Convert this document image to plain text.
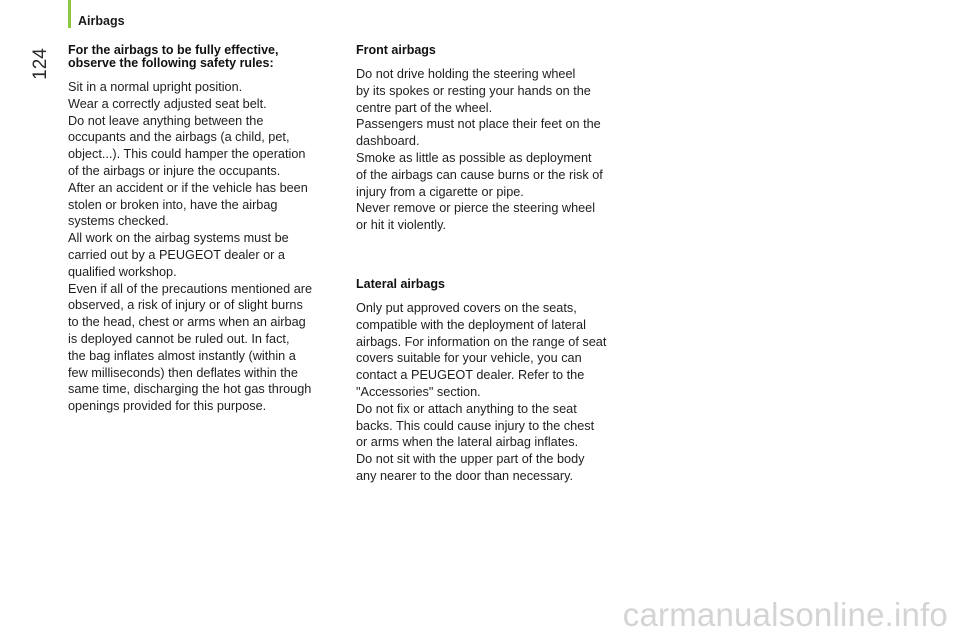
Airbags
124 For the airbags to be fully effective,
observe the following safety rules:
Sit in a normal upright position.
Wear a correctly adjusted seat belt.
Do not leave anything between the
occupants and the airbags (a child, pet,
object...). This could hamper the operation
of the airbags or injure the occupants.
After an accident or if the vehicle has been
stolen or broken into, have the airbag
systems checked.
All work on the airbag systems must be
carried out by a PEUGEOT dealer or a
qualified workshop.
Even if all of the precautions mentioned are
observed, a risk of injury or of slight burns
to the head, chest or arms when an airbag
is deployed cannot be ruled out. In fact,
the bag inflates almost instantly (within a
few milliseconds) then deflates within the
same time, discharging the hot gas through
openings provided for this purpose.
Front airbags
Do not drive holding the steering wheel
by its spokes or resting your hands on the
centre part of the wheel.
Passengers must not place their feet on the
dashboard.
Smoke as little as possible as deployment
of the airbags can cause burns or the risk of
injury from a cigarette or pipe.
Never remove or pierce the steering wheel
or hit it violently.
Lateral airbags
Only put approved covers on the seats,
compatible with the deployment of lateral
airbags. For information on the range of seat
covers suitable for your vehicle, you can
contact a PEUGEOT dealer. Refer to the
"Accessories" section.
Do not fix or attach anything to the seat
backs. This could cause injury to the chest
or arms when the lateral airbag inflates.
Do not sit with the upper part of the body
any nearer to the door than necessary.
carmanualsonline.info
